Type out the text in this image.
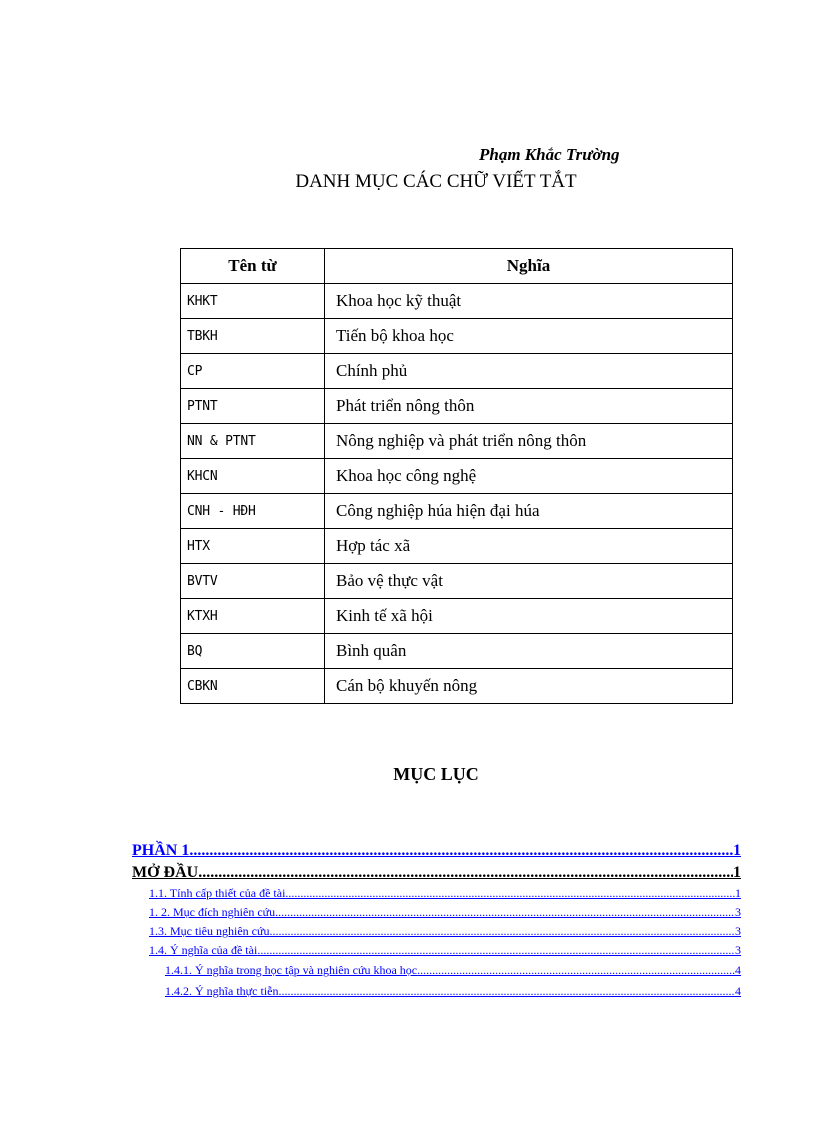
Phạm Khắc Trường
DANH MỤC CÁC CHỮ VIẾT TẮT
Tên từ	Nghĩa
KHKT	Khoa học kỹ thuật
TBKH	Tiến bộ khoa học
CP	Chính phủ
PTNT	Phát triển nông thôn
NN & PTNT	Nông nghiệp và phát triển nông thôn
KHCN	Khoa học công nghệ
CNH - HĐH	Công nghiệp húa hiện đại húa
HTX	Hợp tác xã
BVTV	Bảo vệ thực vật
KTXH	Kinh tế xã hội
BQ	Bình quân
CBKN	Cán bộ khuyến nông
MỤC LỤC
PHẦN 1 .....	1
MỞ ĐẦU .....	1
1.1. Tính cấp thiết của đề tài .....	1
1. 2. Mục đích nghiên cứu .....	3
1.3. Mục tiêu nghiên cứu .....	3
1.4. Ý nghĩa của đề tài .....	3
1.4.1. Ý nghĩa trong học tập và nghiên cứu khoa học .....	4
1.4.2. Ý nghĩa thực tiễn .....	4
